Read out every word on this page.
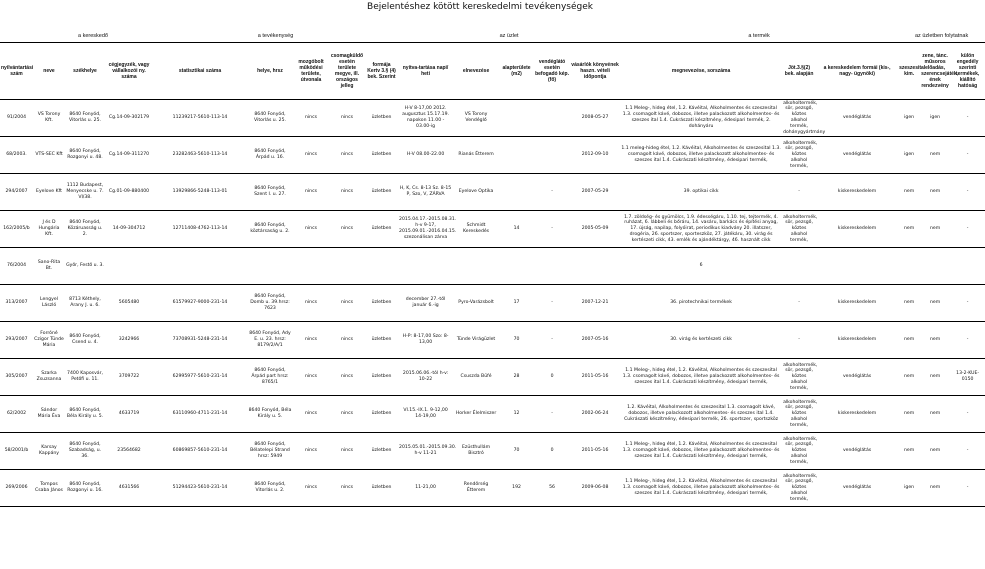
Bejelentéshez kötött kereskedelmi tevékenységek
	a kereskedő			a tevékenység					az üzlet					a termék			az üzletben folytatnak		
nyilvántartási szám	neve	székhelye	cégjegyzék, vagy vállalkozói ny. száma	statisztikai száma	helye, hrsz	mozgóbolt működési területe, útvonala	csomagküldő esetén területe megye, ill. országos jelleg	formája Kertv 3.§ (4) bek. Szerint	nyitva-tartása napi/ heti	elnevezése	alapterülete (m2)	vendéglátó esetén befogadó kép. (fő)	vásárlók könyvének haszn. vételi időpontja	megnevezése, sorszáma	Jöt.3.§(2) bek. alapján	a kereskedelem formái (kis-, nagy- ügynöki)	szeszesital kim.	zene, tánc. műsoros előadás, szerencsejáték, ének rendezvény	külön engedély szerinti termékek, kiállító hatóság
91/2004	VS Torony Kft.	8640 Fonyód, Vitorlás u. 25.	Cg.14-09-302179	11239217-5610-113-14	8640 Fonyód, Vitorlás u. 25.	nincs	nincs	üzletben	H-V 8-17,00 2012. augusztus 15.17.19. napokon 11.00 - 03.00-ig	VS Torony Vendéglő			2008-05-27	1.1 Meleg-, hideg étel, 1.2. Kávéital, Alkoholmentes és szeszesital 1.3. csomagolt kávé, dobozos, illetve palackozott alkoholmentes- és szeszes ital 1.4. Cukrászati készítmény, édesipari termék, 2. dohányáru	alkoholtermék, sör, pezsgő, köztes alkohol termék, dohánygyártmány	vendéglátás	igen	igen	-
68/2003.	VTS-SEC Kft	8640 Fonyód, Rozgonyi u. 48.	Cg.14-09-311270	23282463-5610-113-14	8640 Fonyód, Árpád u. 16.	nincs	nincs	üzletben	H-V 08.00-22.00	Rianás Étterem			2012-09-10	1.1 meleg-hideg étel, 1.2. Kávéital, Alkoholmentes és szeszesital 1.3. csomagolt kávé, dobozos, illetve palackozott alkoholmentes- és szeszes ital 1.4. Cukrászati készítmény, édesipari termék,	alkoholtermék, sör, pezsgő, köztes alkohol termék,	vendéglátás	igen	nem	-
294/2007	Eyelove Kft	1112 Budapest, Menyecske u. 7. VI/38.	Cg.01-09-880400	13929866-5248-113-01	8640 Fonyód, Szent I. u. 27.	nincs	nincs	üzletben	H, K, Cs. 8-13 Sz. 8-15 P, Szo, V, ZÁRVA	Eyelove Optika		-	2007-05-29	39. optikai cikk	-	kiskereskedelem	nem	nem	-
162/2005/b	J és D Hungária Kft.	8640 Fonyód, Közáruasság u. 2.	14-09-304712	12711408-4762-113-14	8640 Fonyód, köztársaság u. 2.	nincs	nincs	üzletben	2015.04.17.-2015.08.31. h-v 9-17, 2015.09.01.-2016.04.15. szezonálisan zárva	Schmidt Kereskedés	14	-	2005-05-09	1.7. zöldség- és gyümölcs, 1.9. édességáru, 1.10. tej, tejtermék, 4. ruházat, 6. lábbeli és bőráru, 14. vasáru, barkács és építési anyag, 17. újság, napilap, folyóirat, periodikus kiadvány 20. illatszer, drogéria, 26. sportszer, sporteszköz, 27. játékáru, 30. virág és kertészeti cikk, 43. emlék és ajándéktárgy, 46. használt cikk	alkoholtermék, sör, pezsgő, köztes alkohol termék,	kiskereskedelem	nem	nem	-
76/2004	Sano-Rita Bt.	Győr, Festő u. 3.												6					
313/2007	Lengyel László	8713 Kéthely, Arany J. u. 6.	5605480	61579927-9000-231-14	8640 Fonyód, Domb u. 39.hrsz: 7623	nincs	nincs	üzletben	december 27.-től január 6.-ig	Pyro-Varázsbolt	17	-	2007-12-21	36. pirotechnikai termékek	-	kiskereskedelem	nem	nem	-
293/2007	Forróné Czigor Tünde Mária	8640 Fonyód, Csend u. 4.	3242966	73708931-5248-231-14	8640 Fonyód, Ady E. u. 23. hrsz: 8179/2/A/1	nincs	nincs	üzletben	H-P: 8-17,00 Szo: 8-13,00	Tünde Virágüzlet	70	-	2007-05-16	30. virág és kertészeti cikk	-	kiskereskedelem	nem	nem	-
305/2007	Szarka Zsuzsanna	7400 Kaposvár, Petőfi u. 11.	3709722	62995977-5610-231-14	8640 Fonyód, Árpád part hrsz: 8765/1	nincs	nincs	üzletben	2015.06.06.-tól h-v: 10-22	Csuszda Büfé	28	0	2011-05-16	1.1 Meleg-, hideg étel, 1.2. Kávéital, Alkoholmentes és szeszesital 1.3. csomagolt kávé, dobozos, illetve palackozott alkoholmentes- és szeszes ital 1.4. Cukrászati készítmény, édesipari termék,	alkoholtermék, sör, pezsgő, köztes alkohol termék,	vendéglátás	nem	nem	13-2-KUE-0150
62/2002	Sándor Mária Éva	8640 Fonyód, Béla Király u. 5.	4633719	63110960-4711-231-14	8640 Fonyód, Béla Király u. 5.	nincs	nincs	üzletben	VI.15.-IX.1. 9-12,00 14-19,00	Horker Élelmiszer	12	-	2002-06-24	1.2. Kávéital, Alkoholmentes és szeszesital 1.3. csomagolt kávé, dobozos, illetve palackozott alkoholmentes- és szeszes ital 1.4. Cukrászati készítmény, édesipari termék, 26. sportszer, sportszköz	alkoholtermék, sör, pezsgő, köztes alkohol termék,	kiskereskedelem	nem	nem	-
58/2001/b	Karsay Kappány	8640 Fonyód, Szabadság, u. 36.	23564682	60869857-5610-231-14	8640 Fonyód, Bélatelepi Strand hrsz: 5949	nincs	nincs	üzletben	2015.05.01.-2015.09.30. h-v 11-21	Ezüsthullám Bisztró	70	0	2011-05-16	1.1 Meleg-, hideg étel, 1.2. Kávéital, Alkoholmentes és szeszesital 1.3. csomagolt kávé, dobozos, illetve palackozott alkoholmentes- és szeszes ital 1.4. Cukrászati készítmény, édesipari termék,	alkoholtermék, sör, pezsgő, köztes alkohol termék,	vendéglátás	nem	nem	-
269/2006	Tompos Csaba János	8640 Fonyód, Rozgonyi u. 16.	4631566	51294423-5610-231-14	8640 Fonyód, Vitorlás u. 2.	nincs	nincs	üzletben	11-21,00	Rendőrség Étterem	192	56	2009-06-08	1.1 Meleg-, hideg étel, 1.2. Kávéital, Alkoholmentes és szeszesital 1.3. csomagolt kávé, dobozos, illetve palackozott alkoholmentes- és szeszes ital 1.4. Cukrászati készítmény, édesipari termék,	alkoholtermék, sör, pezsgő, köztes alkohol termék,	vendéglátás	igen	nem	-
